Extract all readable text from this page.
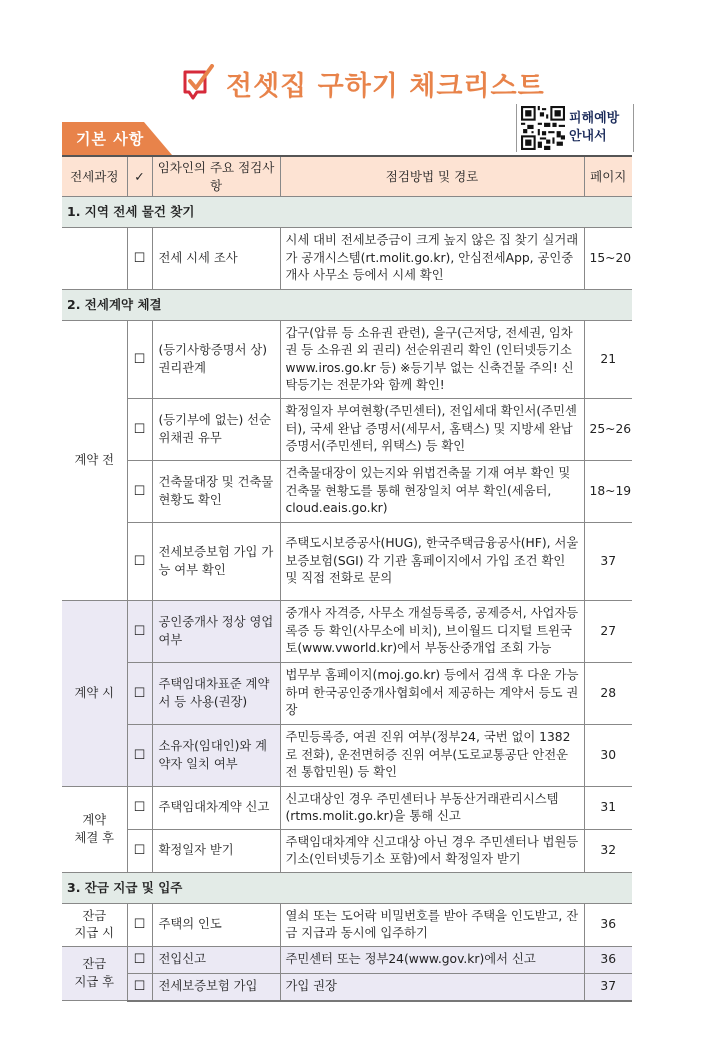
전셋집 구하기 체크리스트
기본 사항
피해예방
안내서
전세과정	✓	임차인의 주요 점검사항	점검방법 및 경로	페이지
1. 지역 전세 물건 찾기				
	☐	전세 시세 조사	시세 대비 전세보증금이 크게 높지 않은 집 찾기 실거래가 공개시스템(rt.molit.go.kr), 안심전세App, 공인중개사 사무소 등에서 시세 확인	15~20
2. 전세계약 체결				
계약 전	☐	(등기사항증명서 상) 권리관계	갑구(압류 등 소유권 관련), 을구(근저당, 전세권, 임차권 등 소유권 외 권리) 선순위권리 확인 (인터넷등기소 www.iros.go.kr 등) ※등기부 없는 신축건물 주의! 신탁등기는 전문가와 함께 확인!	21
	☐	(등기부에 없는) 선순위채권 유무	확정일자 부여현황(주민센터), 전입세대 확인서(주민센터), 국세 완납 증명서(세무서, 홈택스) 및 지방세 완납 증명서(주민센터, 위택스) 등 확인	25~26
	☐	건축물대장 및 건축물 현황도 확인	건축물대장이 있는지와 위법건축물 기재 여부 확인 및 건축물 현황도를 통해 현장일치 여부 확인(세움터, cloud.eais.go.kr)	18~19
	☐	전세보증보험 가입 가능 여부 확인	주택도시보증공사(HUG), 한국주택금융공사(HF), 서울보증보험(SGI) 각 기관 홈페이지에서 가입 조건 확인 및 직접 전화로 문의	37
계약 시	☐	공인중개사 정상 영업 여부	중개사 자격증, 사무소 개설등록증, 공제증서, 사업자등록증 등 확인(사무소에 비치), 브이월드 디지털 트윈국토(www.vworld.kr)에서 부동산중개업 조회 가능	27
	☐	주택임대차표준 계약서 등 사용(권장)	법무부 홈페이지(moj.go.kr) 등에서 검색 후 다운 가능하며 한국공인중개사협회에서 제공하는 계약서 등도 권장	28
	☐	소유자(임대인)와 계약자 일치 여부	주민등록증, 여권 진위 여부(정부24, 국번 없이 1382로 전화), 운전면허증 진위 여부(도로교통공단 안전운전 통합민원) 등 확인	30
계약
체결 후	☐	주택임대차계약 신고	신고대상인 경우 주민센터나 부동산거래관리시스템(rtms.molit.go.kr)을 통해 신고	31
	☐	확정일자 받기	주택임대차계약 신고대상 아닌 경우 주민센터나 법원등기소(인터넷등기소 포함)에서 확정일자 받기	32
3. 잔금 지급 및 입주				
잔금
지급 시	☐	주택의 인도	열쇠 또는 도어락 비밀번호를 받아 주택을 인도받고, 잔금 지급과 동시에 입주하기	36
잔금
지급 후	☐	전입신고	주민센터 또는 정부24(www.gov.kr)에서 신고	36
	☐	전세보증보험 가입	가입 권장	37
